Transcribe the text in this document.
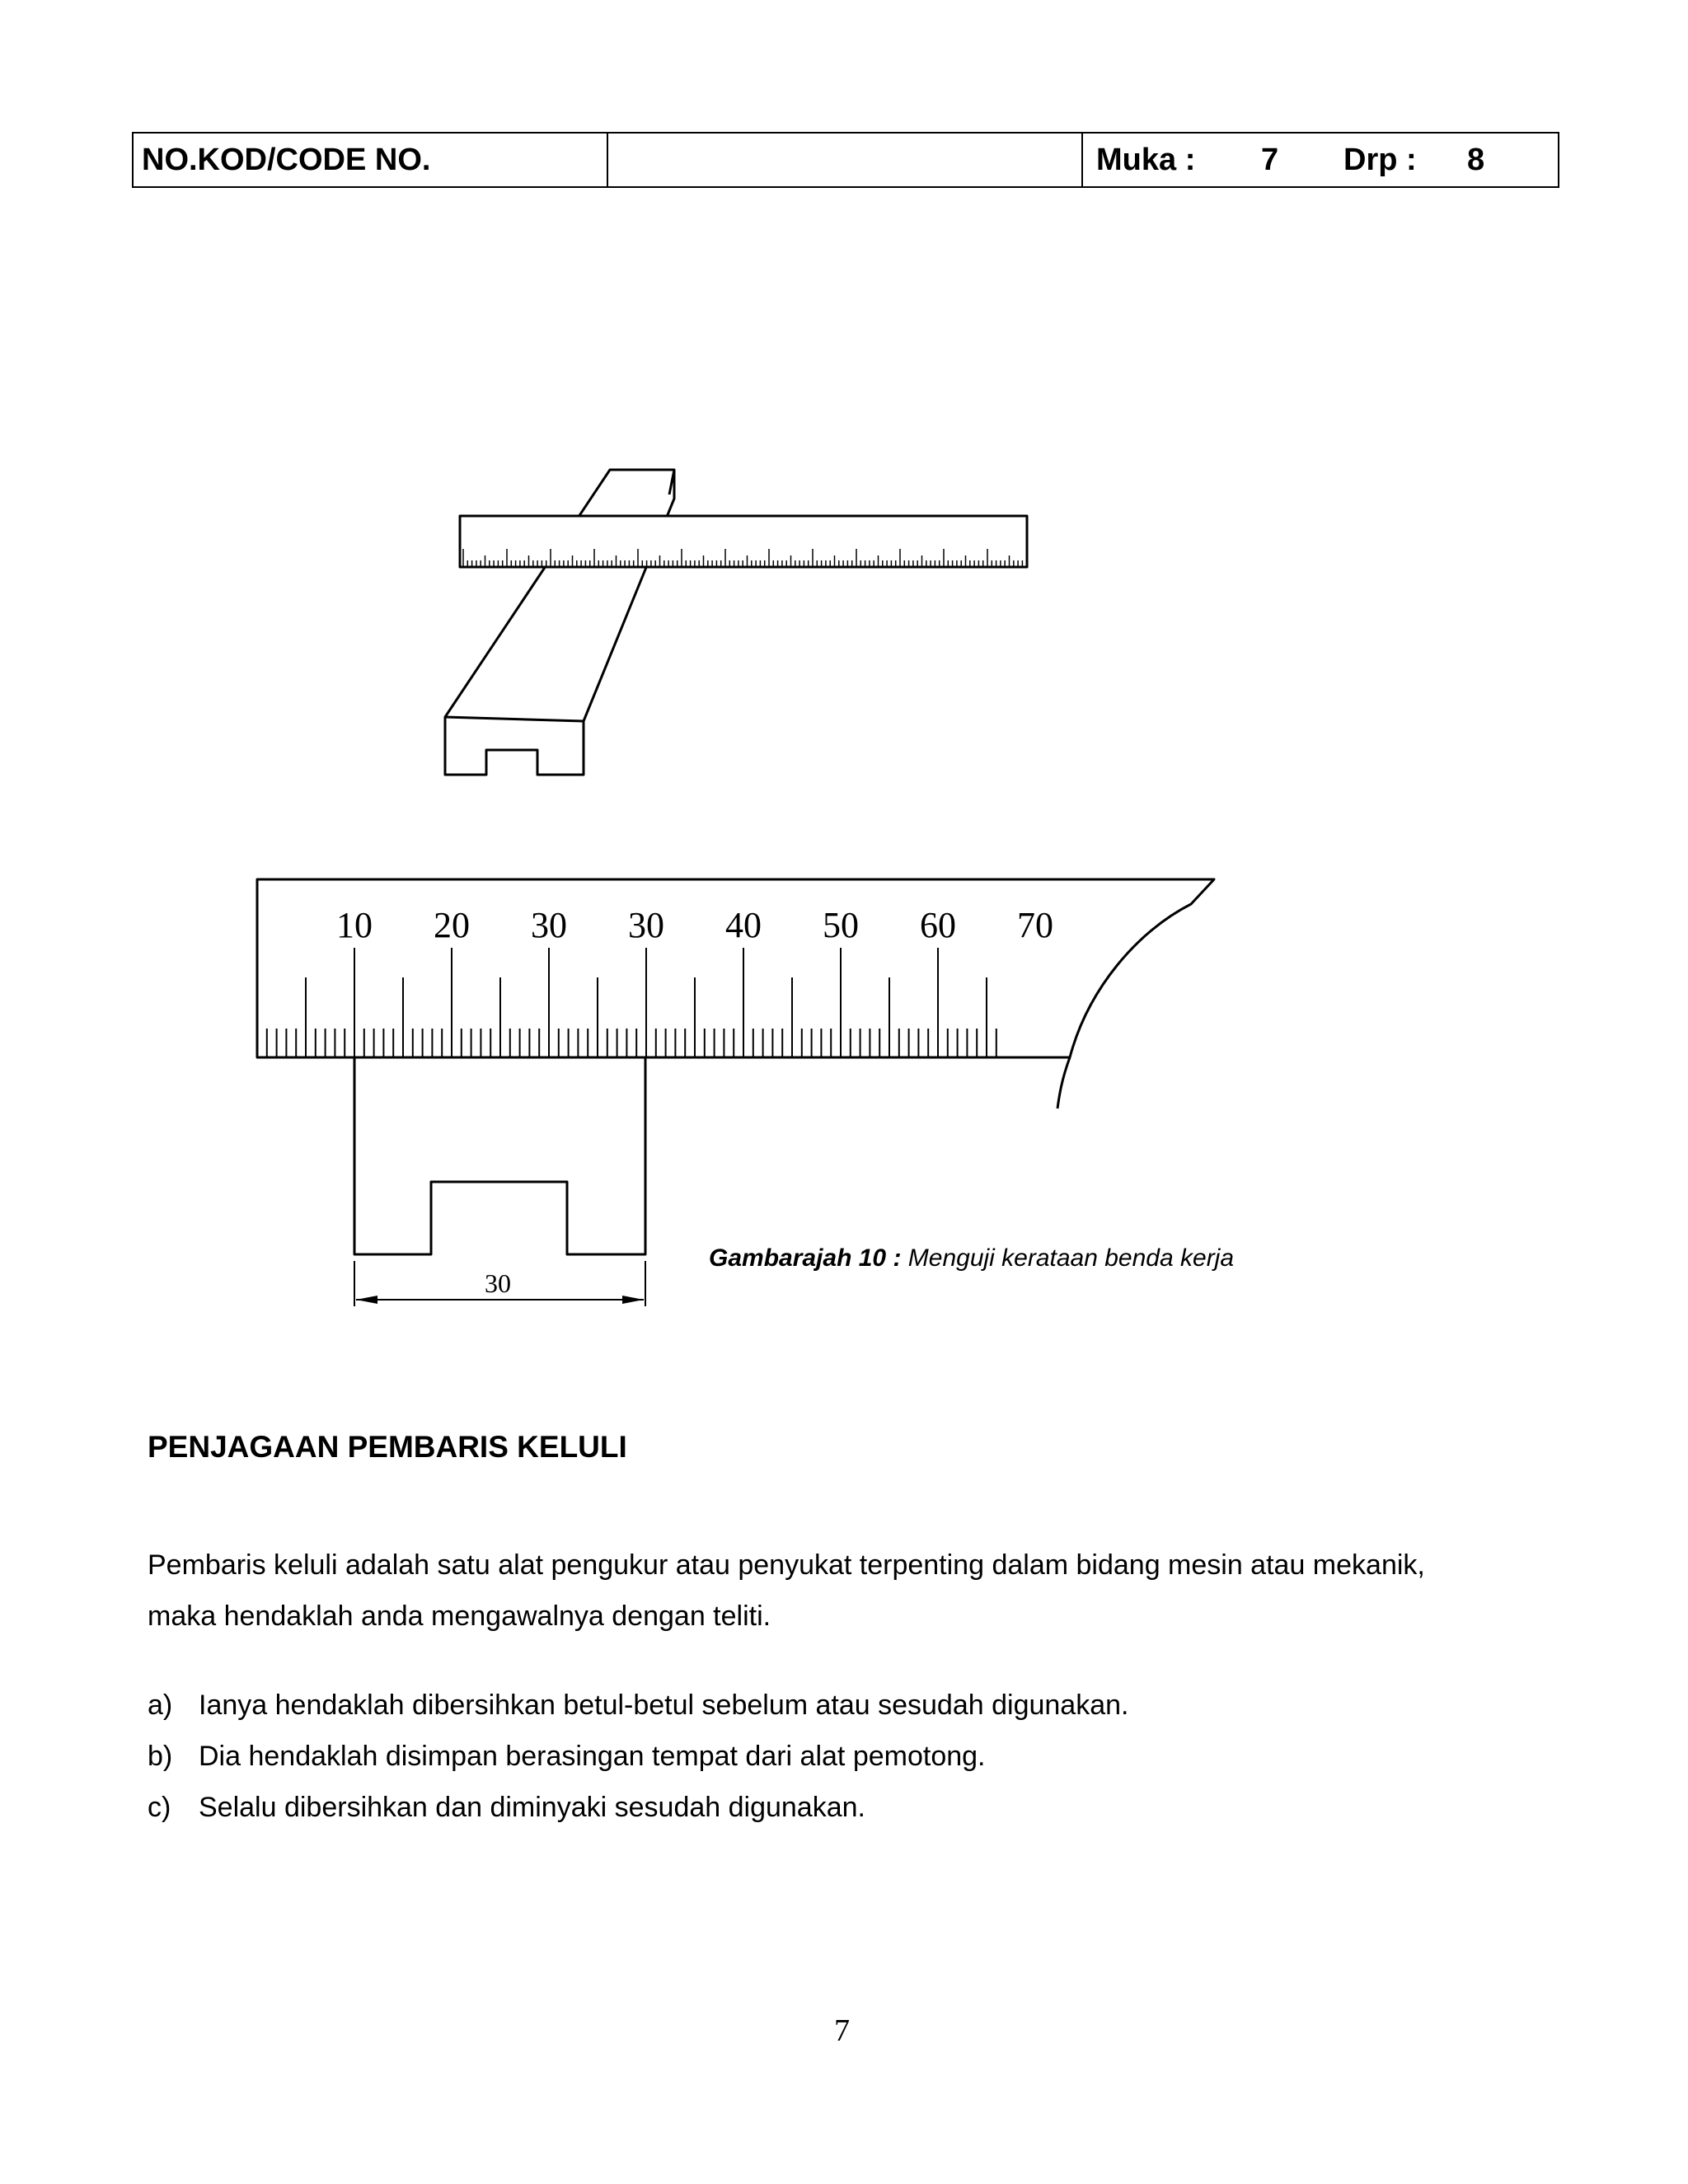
NO.KOD/CODE NO.	Muka :	7	Drp :	8
10 20 30 30 40 50 60 70
30
Gambarajah 10 : Menguji kerataan benda kerja
PENJAGAAN PEMBARIS KELULI
Pembaris keluli adalah satu alat pengukur atau penyukat terpenting dalam bidang mesin atau mekanik,
maka hendaklah anda mengawalnya dengan teliti.
a) Ianya hendaklah dibersihkan betul-betul sebelum atau sesudah digunakan.
b) Dia hendaklah disimpan berasingan tempat dari alat pemotong.
c) Selalu dibersihkan dan diminyaki sesudah digunakan.
7
